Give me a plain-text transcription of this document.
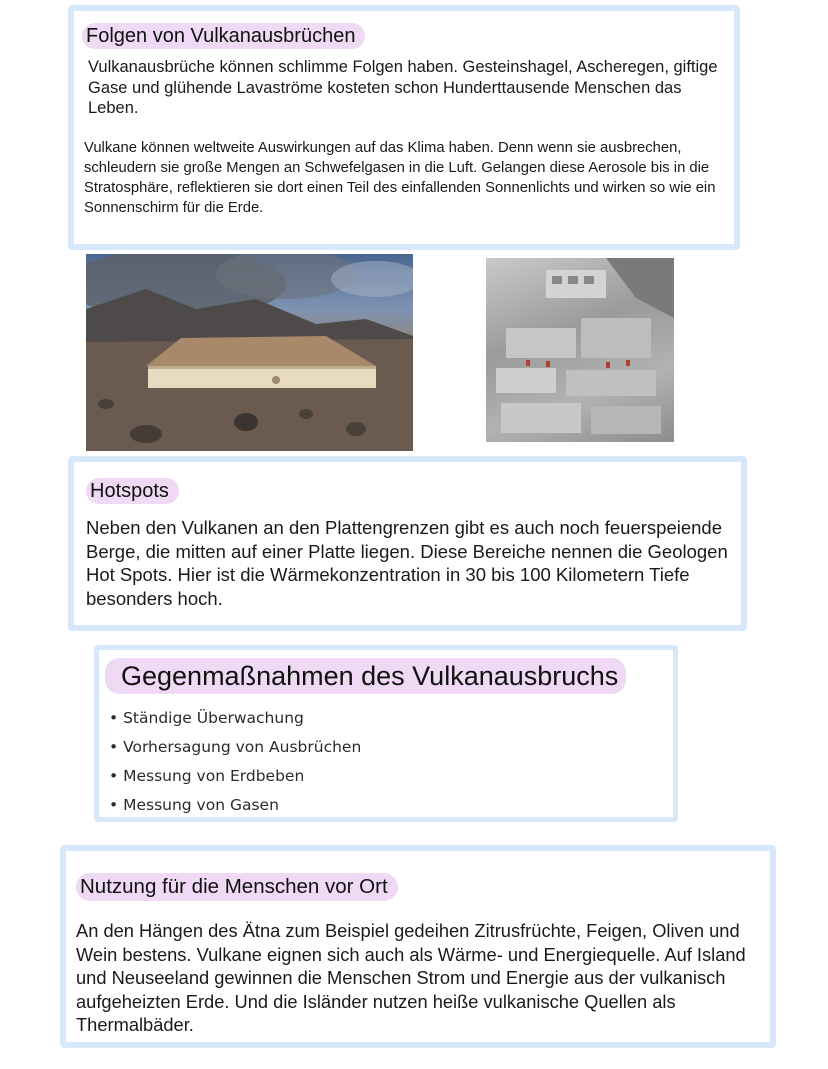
Folgen von Vulkanausbrüchen

Vulkanausbrüche können schlimme Folgen haben. Gesteinshagel, Ascheregen, giftige Gase und glühende Lavaströme kosteten schon Hunderttausende Menschen das Leben.

Vulkane können weltweite Auswirkungen auf das Klima haben. Denn wenn sie ausbrechen, schleudern sie große Mengen an Schwefelgasen in die Luft. Gelangen diese Aerosole bis in die Stratosphäre, reflektieren sie dort einen Teil des einfallenden Sonnenlichts und wirken so wie ein Sonnenschirm für die Erde.

Hotspots

Neben den Vulkanen an den Plattengrenzen gibt es auch noch feuerspeiende Berge, die mitten auf einer Platte liegen. Diese Bereiche nennen die Geologen Hot Spots. Hier ist die Wärmekonzentration in 30 bis 100 Kilometern Tiefe besonders hoch.

Gegenmaßnahmen des Vulkanausbruchs
• Ständige Überwachung
• Vorhersagung von Ausbrüchen
• Messung von Erdbeben
• Messung von Gasen
Nutzung für die Menschen vor Ort

An den Hängen des Ätna zum Beispiel gedeihen Zitrusfrüchte, Feigen, Oliven und Wein bestens. Vulkane eignen sich auch als Wärme- und Energiequelle. Auf Island und Neuseeland gewinnen die Menschen Strom und Energie aus der vulkanisch aufgeheizten Erde. Und die Isländer nutzen heiße vulkanische Quellen als Thermalbäder.
